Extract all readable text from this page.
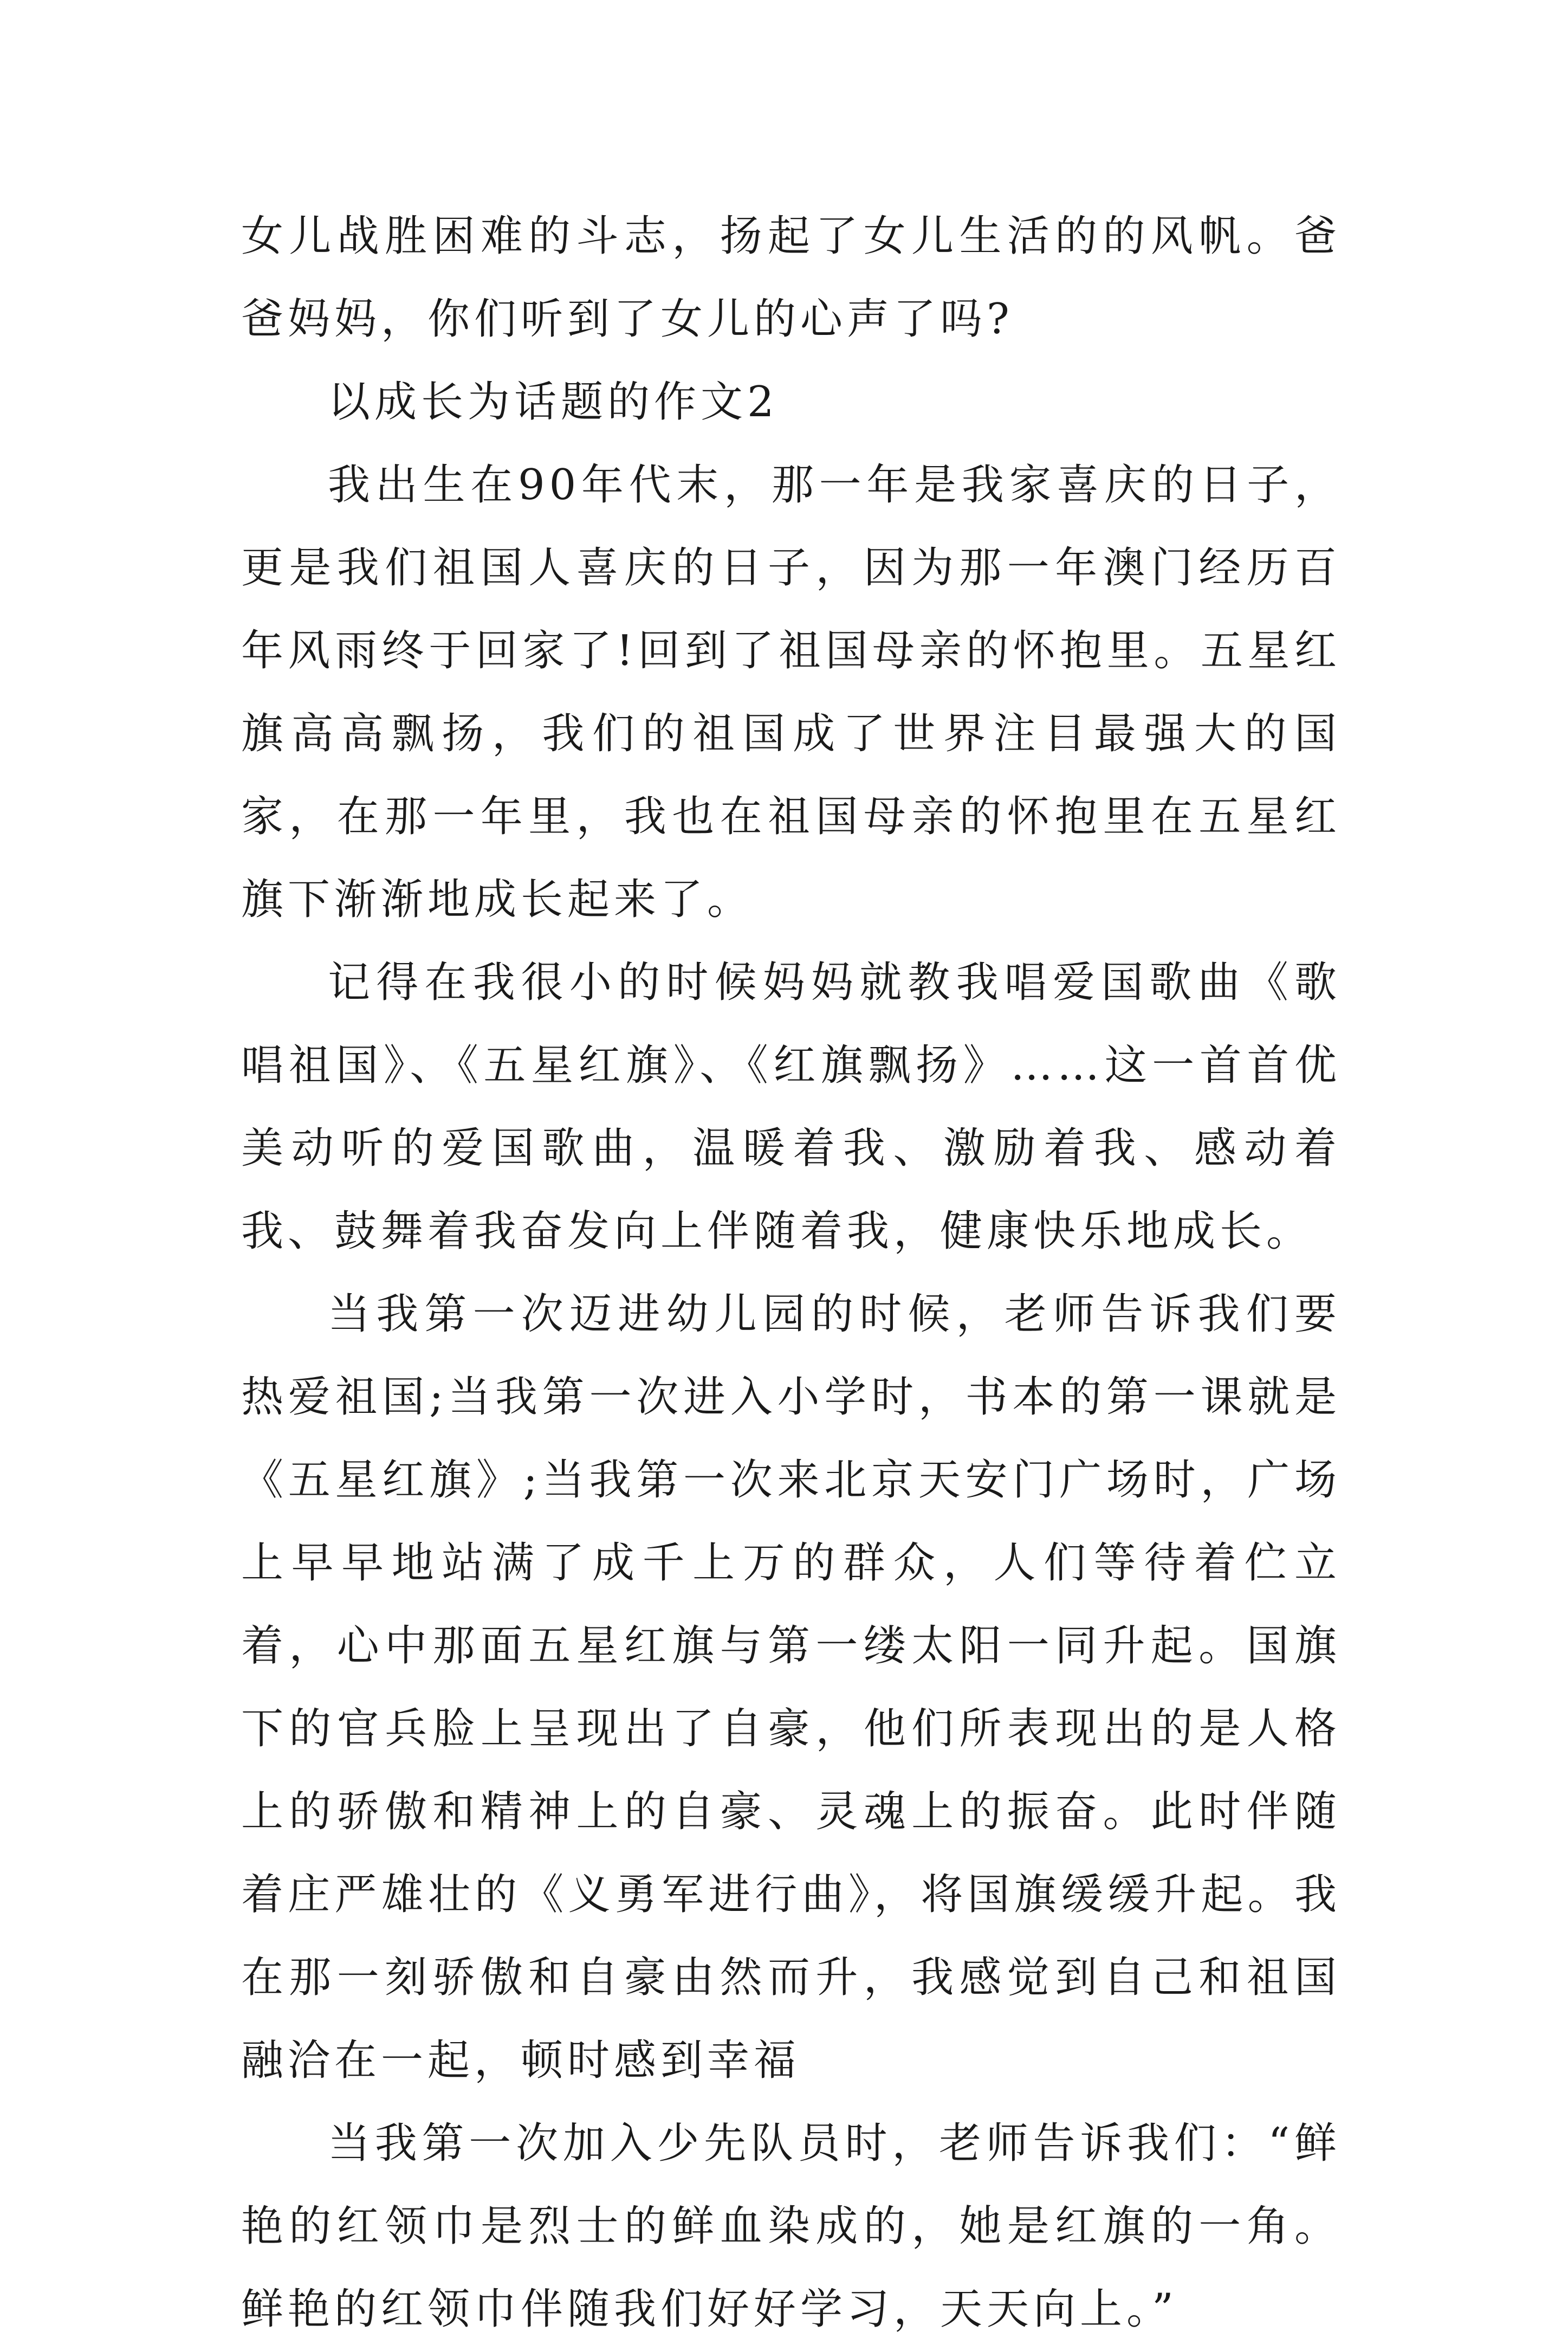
女儿战胜困难的斗志，扬起了女儿生活的的风帆。爸爸妈妈，你们听到了女儿的心声了吗?

以成长为话题的作文2

我出生在90年代末，那一年是我家喜庆的日子，更是我们祖国人喜庆的日子，因为那一年澳门经历百年风雨终于回家了!回到了祖国母亲的怀抱里。五星红旗高高飘扬，我们的祖国成了世界注目最强大的国家，在那一年里，我也在祖国母亲的怀抱里在五星红旗下渐渐地成长起来了。

记得在我很小的时候妈妈就教我唱爱国歌曲《歌唱祖国》、《五星红旗》、《红旗飘扬》……这一首首优美动听的爱国歌曲，温暖着我、激励着我、感动着我、鼓舞着我奋发向上伴随着我，健康快乐地成长。

当我第一次迈进幼儿园的时候，老师告诉我们要热爱祖国;当我第一次进入小学时，书本的第一课就是《五星红旗》;当我第一次来北京天安门广场时，广场上早早地站满了成千上万的群众，人们等待着伫立着，心中那面五星红旗与第一缕太阳一同升起。国旗下的官兵脸上呈现出了自豪，他们所表现出的是人格上的骄傲和精神上的自豪、灵魂上的振奋。此时伴随着庄严雄壮的《义勇军进行曲》，将国旗缓缓升起。我在那一刻骄傲和自豪由然而升，我感觉到自己和祖国融洽在一起，顿时感到幸福

当我第一次加入少先队员时，老师告诉我们：“鲜艳的红领巾是烈士的鲜血染成的，她是红旗的一角。鲜艳的红领巾伴随我们好好学习，天天向上。”
